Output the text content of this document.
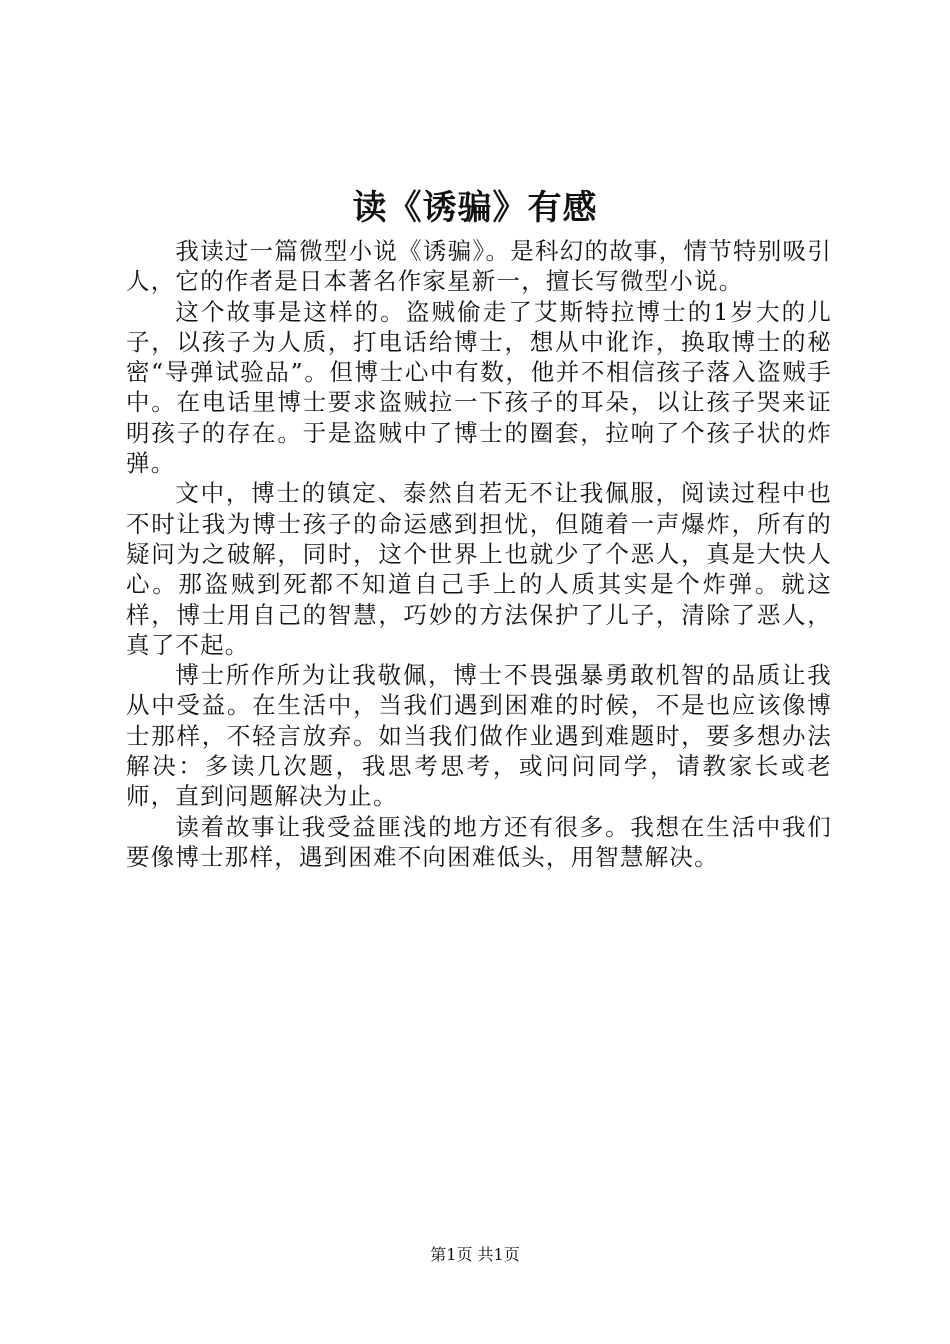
读《诱骗》有感

我读过一篇微型小说《诱骗》。是科幻的故事，情节特别吸引人，它的作者是日本著名作家星新一，擅长写微型小说。

这个故事是这样的。盗贼偷走了艾斯特拉博士的1岁大的儿子，以孩子为人质，打电话给博士，想从中讹诈，换取博士的秘密“导弹试验品”。但博士心中有数，他并不相信孩子落入盗贼手中。在电话里博士要求盗贼拉一下孩子的耳朵，以让孩子哭来证明孩子的存在。于是盗贼中了博士的圈套，拉响了个孩子状的炸弹。

文中，博士的镇定、泰然自若无不让我佩服，阅读过程中也不时让我为博士孩子的命运感到担忧，但随着一声爆炸，所有的疑问为之破解，同时，这个世界上也就少了个恶人，真是大快人心。那盗贼到死都不知道自己手上的人质其实是个炸弹。就这样，博士用自己的智慧，巧妙的方法保护了儿子，清除了恶人，真了不起。

博士所作所为让我敬佩，博士不畏强暴勇敢机智的品质让我从中受益。在生活中，当我们遇到困难的时候，不是也应该像博士那样，不轻言放弃。如当我们做作业遇到难题时，要多想办法解决：多读几次题，我思考思考，或问问同学，请教家长或老师，直到问题解决为止。

读着故事让我受益匪浅的地方还有很多。我想在生活中我们要像博士那样，遇到困难不向困难低头，用智慧解决。

第1页 共1页
